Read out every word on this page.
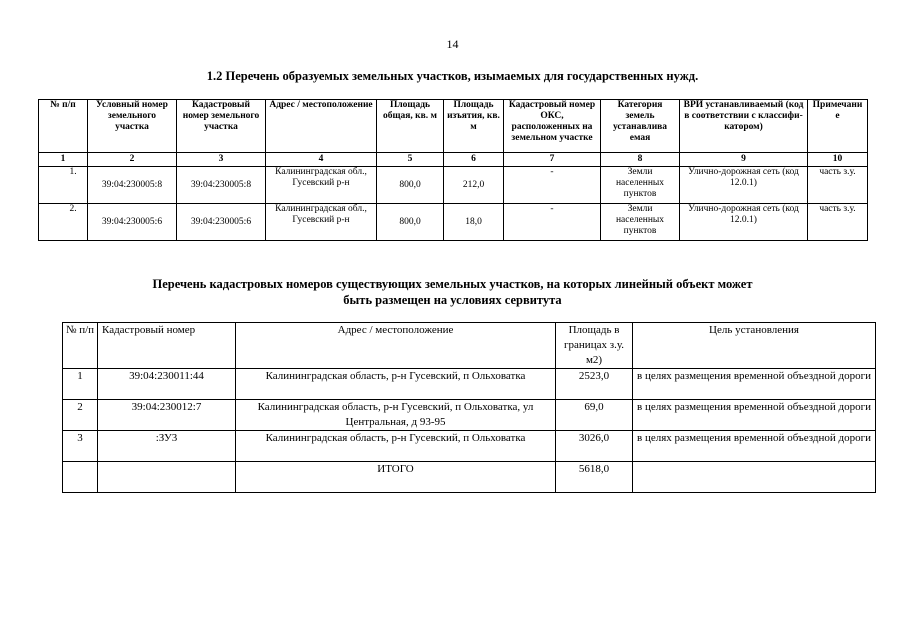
14
1.2 Перечень образуемых земельных участков, изымаемых для государственных нужд.
№ п/п	Условный номер земельного участка	Кадастровый номер земельного участка	Адрес / местоположение	Площадь общая, кв. м	Площадь изъятия, кв. м	Кадастровый номер ОКС, расположенных на земельном участке	Категория земель устанавлива емая	ВРИ устанавливаемый (код в соответствии с классифи-катором)	Примечани е
1	2	3	4	5	6	7	8	9	10
1.	39:04:230005:8	39:04:230005:8	Калининградская обл., Гусевский р-н	800,0	212,0	-	Земли населенных пунктов	Улично-дорожная сеть (код 12.0.1)	часть з.у.
2.	39:04:230005:6	39:04:230005:6	Калининградская обл., Гусевский р-н	800,0	18,0	-	Земли населенных пунктов	Улично-дорожная сеть (код 12.0.1)	часть з.у.
Перечень кадастровых номеров существующих земельных участков, на которых линейный объект может
быть размещен на условиях сервитута
№ п/п	Кадастровый номер	Адрес / местоположение	Площадь в границах з.у. м2)	Цель установления
1	39:04:230011:44	Калининградская область, р-н Гусевский, п Ольховатка	2523,0	в целях размещения временной объездной дороги
2	39:04:230012:7	Калининградская область, р-н Гусевский, п Ольховатка, ул Центральная, д 93-95	69,0	в целях размещения временной объездной дороги
3	:ЗУ3	Калининградская область, р-н Гусевский, п Ольховатка	3026,0	в целях размещения временной объездной дороги
		ИТОГО	5618,0	
